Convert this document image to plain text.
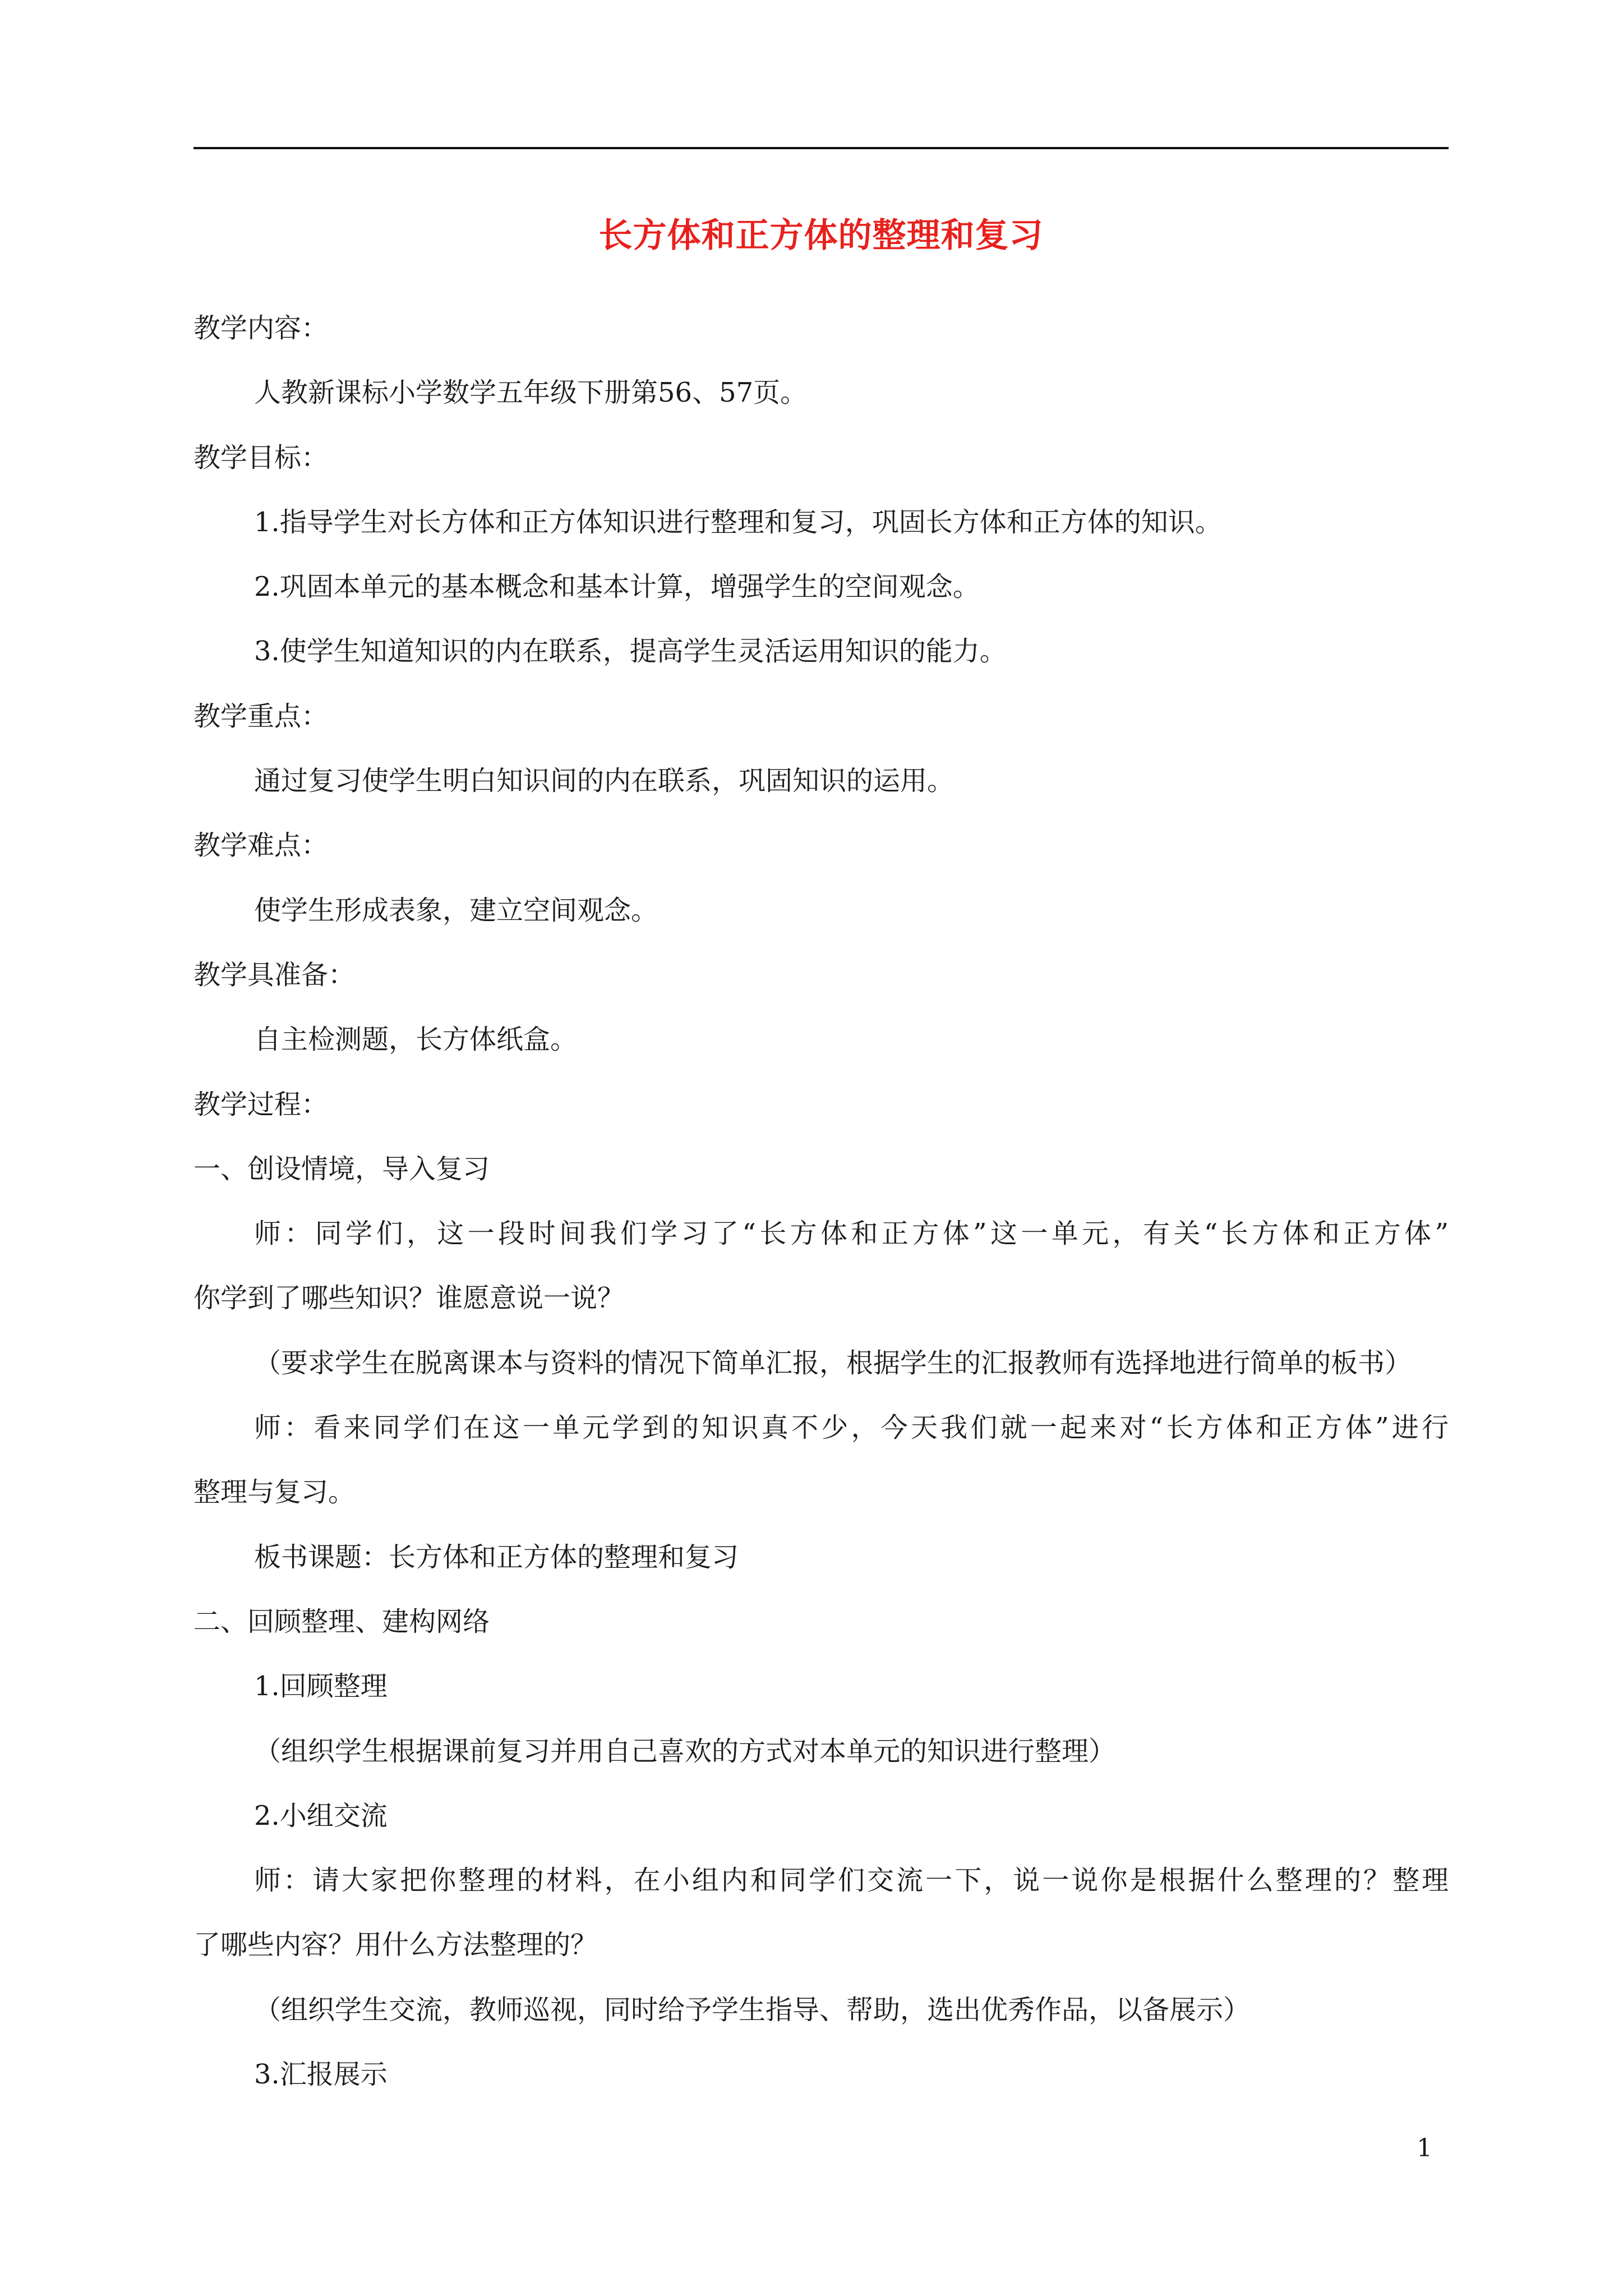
长方体和正方体的整理和复习

教学内容：

人教新课标小学数学五年级下册第56、57页。

教学目标：

1.指导学生对长方体和正方体知识进行整理和复习，巩固长方体和正方体的知识。

2.巩固本单元的基本概念和基本计算，增强学生的空间观念。

3.使学生知道知识的内在联系，提高学生灵活运用知识的能力。

教学重点：

通过复习使学生明白知识间的内在联系，巩固知识的运用。

教学难点：

使学生形成表象，建立空间观念。

教学具准备：

自主检测题，长方体纸盒。

教学过程：

一、创设情境，导入复习

师：同学们，这一段时间我们学习了“长方体和正方体”这一单元，有关“长方体和正方体”

你学到了哪些知识？谁愿意说一说？

（要求学生在脱离课本与资料的情况下简单汇报，根据学生的汇报教师有选择地进行简单的板书）

师：看来同学们在这一单元学到的知识真不少，今天我们就一起来对“长方体和正方体”进行

整理与复习。

板书课题：长方体和正方体的整理和复习

二、回顾整理、建构网络

1.回顾整理

（组织学生根据课前复习并用自己喜欢的方式对本单元的知识进行整理）

2.小组交流

师：请大家把你整理的材料，在小组内和同学们交流一下，说一说你是根据什么整理的？整理

了哪些内容？用什么方法整理的？

（组织学生交流，教师巡视，同时给予学生指导、帮助，选出优秀作品，以备展示）

3.汇报展示

1
